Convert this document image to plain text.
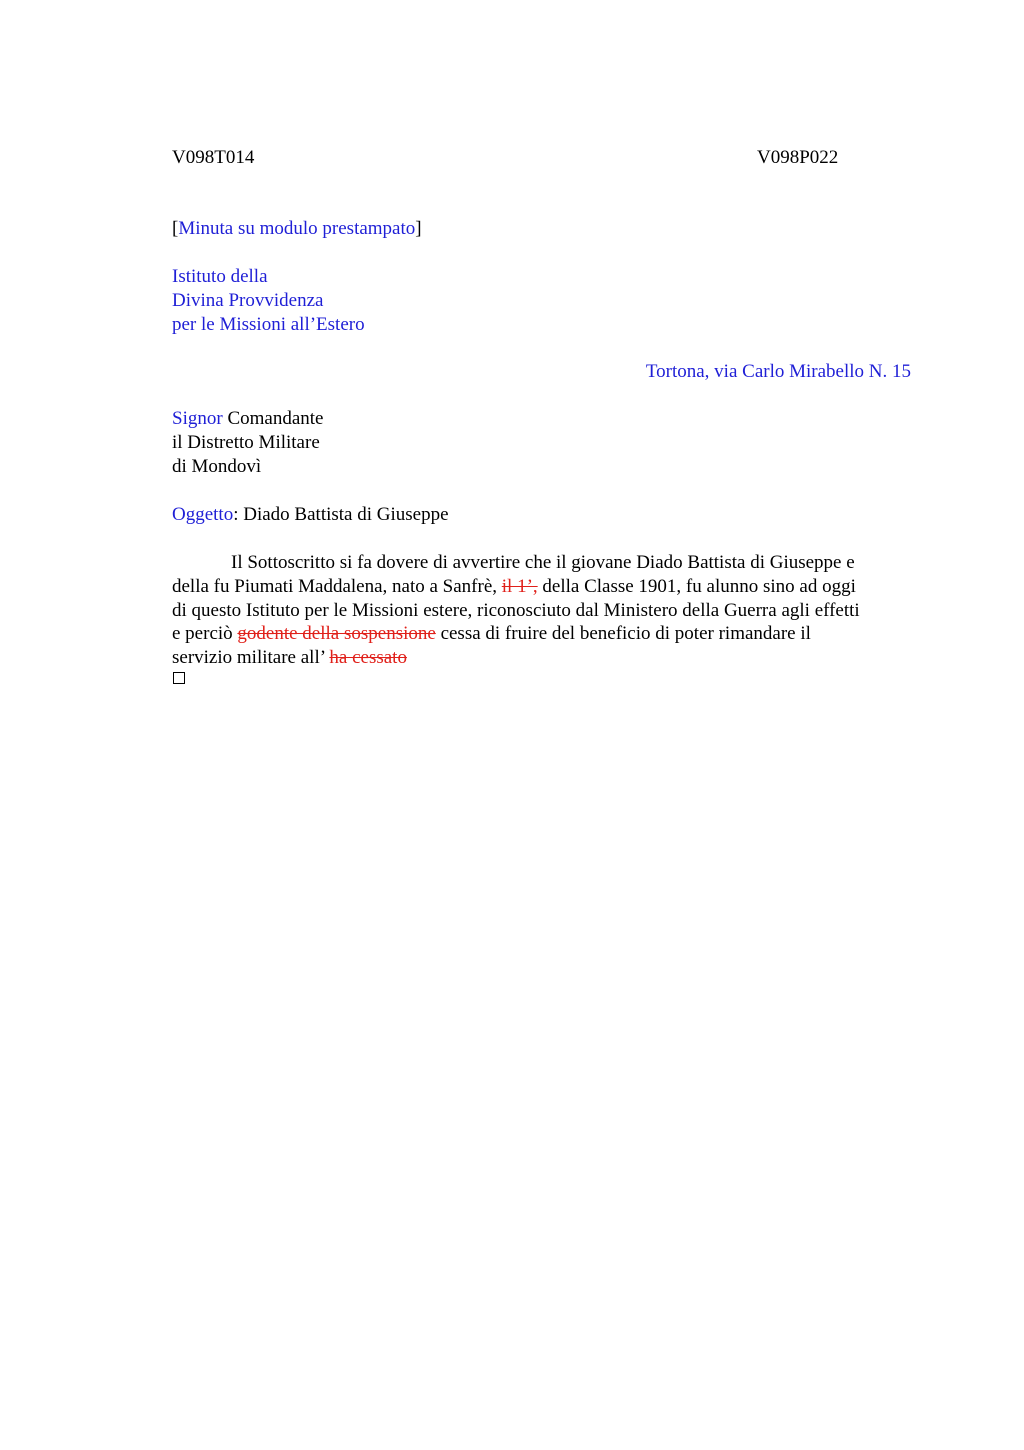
V098T014	V098P022
[Minuta su modulo prestampato]
Istituto della
Divina Provvidenza
per le Missioni all’Estero
Tortona, via Carlo Mirabello N. 15
Signor Comandante
il Distretto Militare
di Mondovì
Oggetto: Diado Battista di Giuseppe
Il Sottoscritto si fa dovere di avvertire che il giovane Diado Battista di Giuseppe e
della fu Piumati Maddalena, nato a Sanfrè, il 1’, della Classe 1901, fu alunno sino ad oggi
di questo Istituto per le Missioni estere, riconosciuto dal Ministero della Guerra agli effetti
e perciò godente della sospensione cessa di fruire del beneficio di poter rimandare il
servizio militare all’ ha cessato
